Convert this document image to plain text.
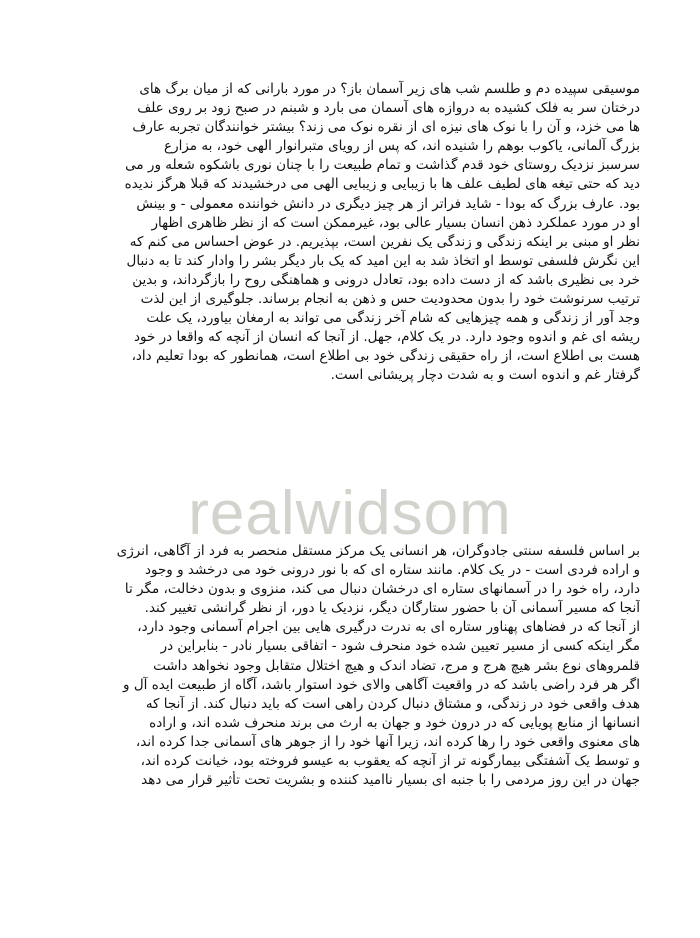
موسیقی سپیده دم و طلسم شب های زیر آسمان باز؟ در مورد بارانی که از میان برگ های
درختان سر به فلک کشیده به دروازه های آسمان می بارد و شبنم در صبح زود بر روی علف
ها می خزد، و آن را با نوک های نیزه ای از نقره نوک می زند؟ بیشتر خوانندگان تجربه عارف
بزرگ آلمانی، یاکوب بوهم را شنیده اند، که پس از رویای متبرانوار الهی خود، به مزارع
سرسبز نزدیک روستای خود قدم گذاشت و تمام طبیعت را با چنان نوری باشکوه شعله ور می
دید که حتی تیغه های لطیف علف ها با زیبایی و زیبایی الهی می درخشیدند که قبلا هرگز ندیده
بود. عارف بزرگ که بودا - شاید فراتر از هر چیز دیگری در دانش خواننده معمولی - و بینش
او در مورد عملکرد ذهن انسان بسیار عالی بود، غیرممکن است که از نظر ظاهری اظهار
نظر او مبنی بر اینکه زندگی و زندگی یک نفرین است، بپذیریم. در عوض احساس می کنم که
این نگرش فلسفی توسط او اتخاذ شد به این امید که یک بار دیگر بشر را وادار کند تا به دنبال
خرد بی نظیری باشد که از دست داده بود، تعادل درونی و هماهنگی روح را بازگرداند، و بدین
ترتیب سرنوشت خود را بدون محدودیت حس و ذهن به انجام برساند. جلوگیری از این لذت
وجد آور از زندگی و همه چیزهایی که شام آخر زندگی می تواند به ارمغان بیاورد، یک علت
ریشه ای غم و اندوه وجود دارد. در یک کلام، جهل. از آنجا که انسان از آنچه که واقعا در خود
هست بی اطلاع است، از راه حقیقی زندگی خود بی اطلاع است، همانطور که بودا تعلیم داد،
گرفتار غم و اندوه است و به شدت دچار پریشانی است.
realwidsom
بر اساس فلسفه سنتی جادوگران، هر انسانی یک مرکز مستقل منحصر به فرد از آگاهی، انرژی
و اراده فردی است - در یک کلام. مانند ستاره ای که با نور درونی خود می درخشد و وجود
دارد، راه خود را در آسمانهای ستاره ای درخشان دنبال می کند، منزوی و بدون دخالت، مگر تا
آنجا که مسیر آسمانی آن با حضور ستارگان دیگر، نزدیک یا دور، از نظر گرانشی تغییر کند.
از آنجا که در فضاهای پهناور ستاره ای به ندرت درگیری هایی بین اجرام آسمانی وجود دارد،
مگر اینکه کسی از مسیر تعیین شده خود منحرف شود - اتفاقی بسیار نادر - بنابراین در
قلمروهای نوع بشر هیچ هرج و مرج، تضاد اندک و هیچ اختلال متقابل وجود نخواهد داشت
اگر هر فرد راضی باشد که در واقعیت آگاهی والای خود استوار باشد، آگاه از طبیعت ایده آل و
هدف واقعی خود در زندگی، و مشتاق دنبال کردن راهی است که باید دنبال کند. از آنجا که
انسانها از منابع پویایی که در درون خود و جهان به ارث می برند منحرف شده اند، و اراده
های معنوی واقعی خود را رها کرده اند، زیرا آنها خود را از جوهر های آسمانی جدا کرده اند،
و توسط یک آشفتگی بیمارگونه تر از آنچه که یعقوب به عیسو فروخته بود، خیانت کرده اند،
جهان در این روز مردمی را با جنبه ای بسیار ناامید کننده و بشریت تحت تأثیر قرار می دهد
